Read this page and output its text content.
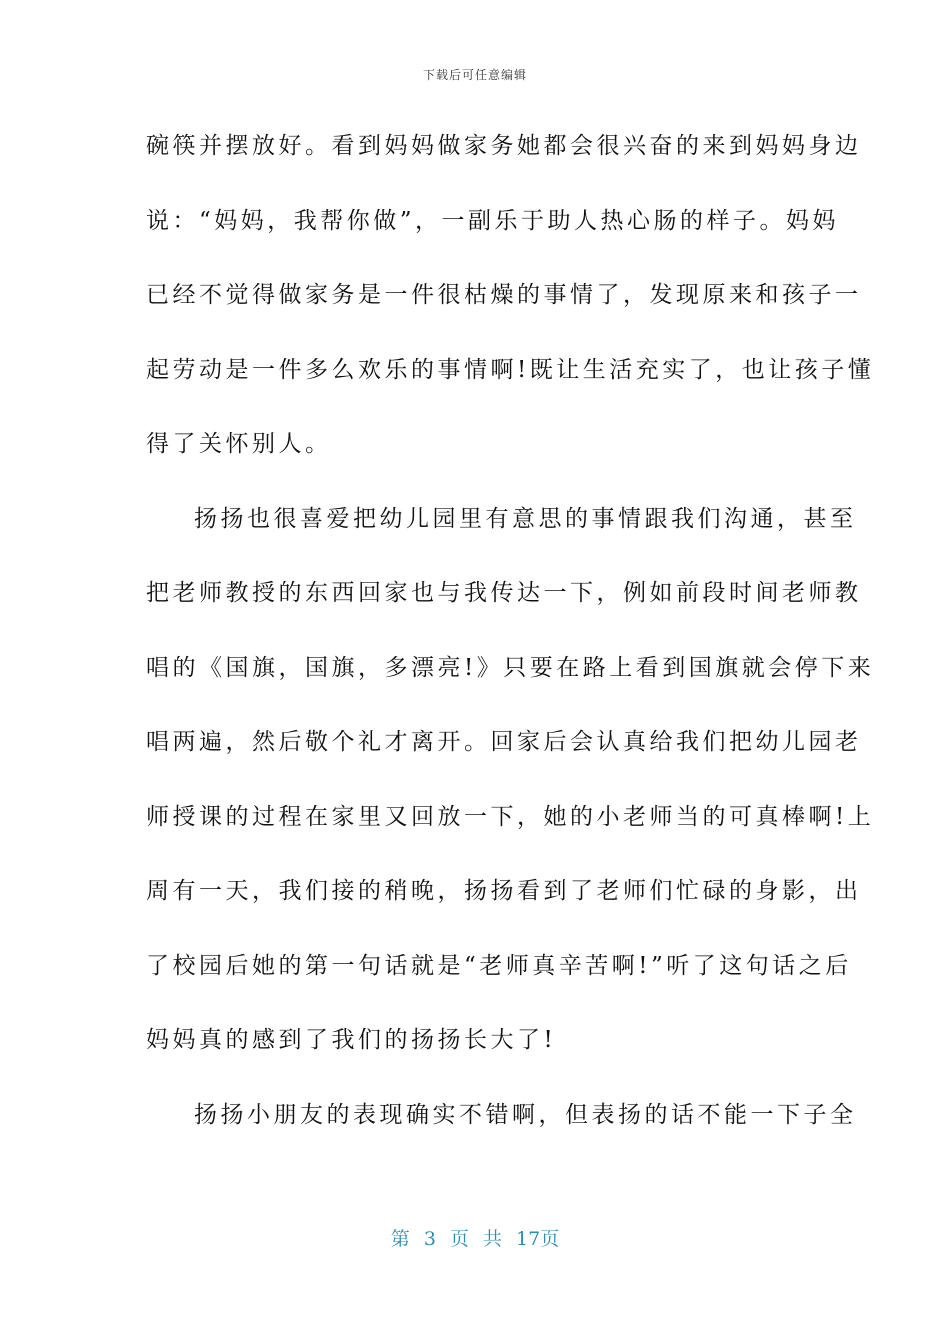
下载后可任意编辑
碗筷并摆放好。看到妈妈做家务她都会很兴奋的来到妈妈身边
说：“妈妈，我帮你做”，一副乐于助人热心肠的样子。妈妈
已经不觉得做家务是一件很枯燥的事情了，发现原来和孩子一
起劳动是一件多么欢乐的事情啊!既让生活充实了，也让孩子懂
得了关怀别人。
扬扬也很喜爱把幼儿园里有意思的事情跟我们沟通，甚至
把老师教授的东西回家也与我传达一下，例如前段时间老师教
唱的《国旗，国旗，多漂亮!》只要在路上看到国旗就会停下来
唱两遍，然后敬个礼才离开。回家后会认真给我们把幼儿园老
师授课的过程在家里又回放一下，她的小老师当的可真棒啊!上
周有一天，我们接的稍晚，扬扬看到了老师们忙碌的身影，出
了校园后她的第一句话就是“老师真辛苦啊!”听了这句话之后
妈妈真的感到了我们的扬扬长大了!
扬扬小朋友的表现确实不错啊，但表扬的话不能一下子全
第 3 页 共 17页
